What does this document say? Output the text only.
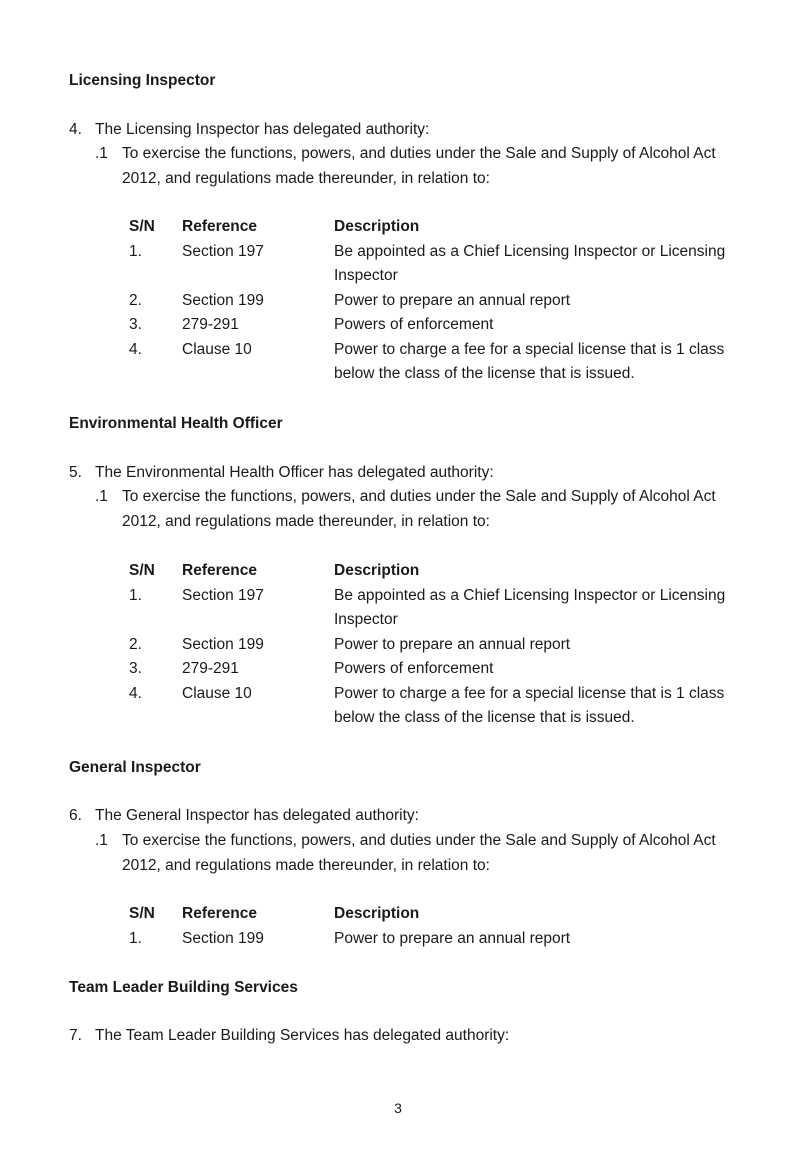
Licensing Inspector
4. The Licensing Inspector has delegated authority:
.1 To exercise the functions, powers, and duties under the Sale and Supply of Alcohol Act 2012, and regulations made thereunder, in relation to:
S/N	Reference	Description
1.	Section 197	Be appointed as a Chief Licensing Inspector or Licensing Inspector
2.	Section 199	Power to prepare an annual report
3.	279-291	Powers of enforcement
4.	Clause 10	Power to charge a fee for a special license that is 1 class below the class of the license that is issued.
Environmental Health Officer
5. The Environmental Health Officer has delegated authority:
.1 To exercise the functions, powers, and duties under the Sale and Supply of Alcohol Act 2012, and regulations made thereunder, in relation to:
S/N	Reference	Description
1.	Section 197	Be appointed as a Chief Licensing Inspector or Licensing Inspector
2.	Section 199	Power to prepare an annual report
3.	279-291	Powers of enforcement
4.	Clause 10	Power to charge a fee for a special license that is 1 class below the class of the license that is issued.
General Inspector
6. The General Inspector has delegated authority:
.1 To exercise the functions, powers, and duties under the Sale and Supply of Alcohol Act 2012, and regulations made thereunder, in relation to:
S/N	Reference	Description
1.	Section 199	Power to prepare an annual report
Team Leader Building Services
7. The Team Leader Building Services has delegated authority:
3
